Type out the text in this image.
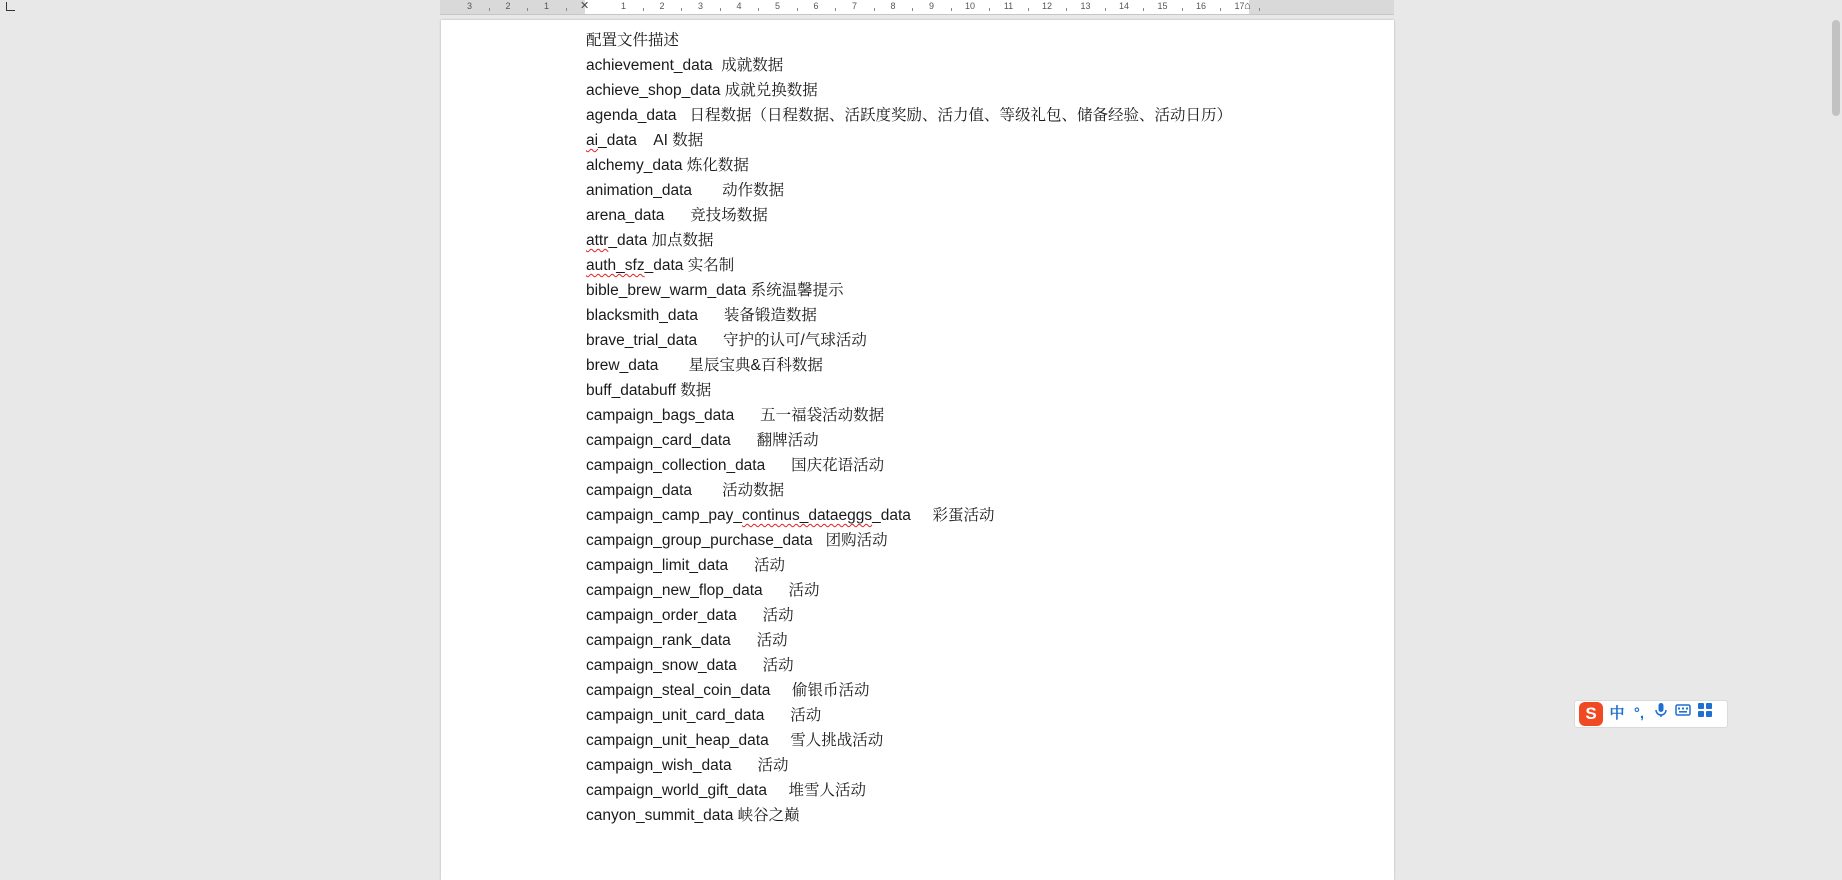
3	2	1	1	2	3	4	5	6	7	8	9	10	11	12	13	14	15	16	17
✕	⌂
配置文件描述
achievement_data 成就数据
achieve_shop_data 成就兑换数据
agenda_data 日程数据（日程数据、活跃度奖励、活力值、等级礼包、储备经验、活动日历）
ai_data AI 数据
alchemy_data 炼化数据
animation_data 动作数据
arena_data 竞技场数据
attr_data 加点数据
auth_sfz_data 实名制
bible_brew_warm_data 系统温馨提示
blacksmith_data 装备锻造数据
brave_trial_data 守护的认可/气球活动
brew_data 星辰宝典&百科数据
buff_databuff 数据
campaign_bags_data 五一福袋活动数据
campaign_card_data 翻牌活动
campaign_collection_data 国庆花语活动
campaign_data 活动数据
campaign_camp_pay_continus_dataeggs_data 彩蛋活动
campaign_group_purchase_data 团购活动
campaign_limit_data 活动
campaign_new_flop_data 活动
campaign_order_data 活动
campaign_rank_data 活动
campaign_snow_data 活动
campaign_steal_coin_data 偷银币活动
campaign_unit_card_data 活动
campaign_unit_heap_data 雪人挑战活动
campaign_wish_data 活动
campaign_world_gift_data 堆雪人活动
canyon_summit_data 峡谷之巅
S 中 °,
